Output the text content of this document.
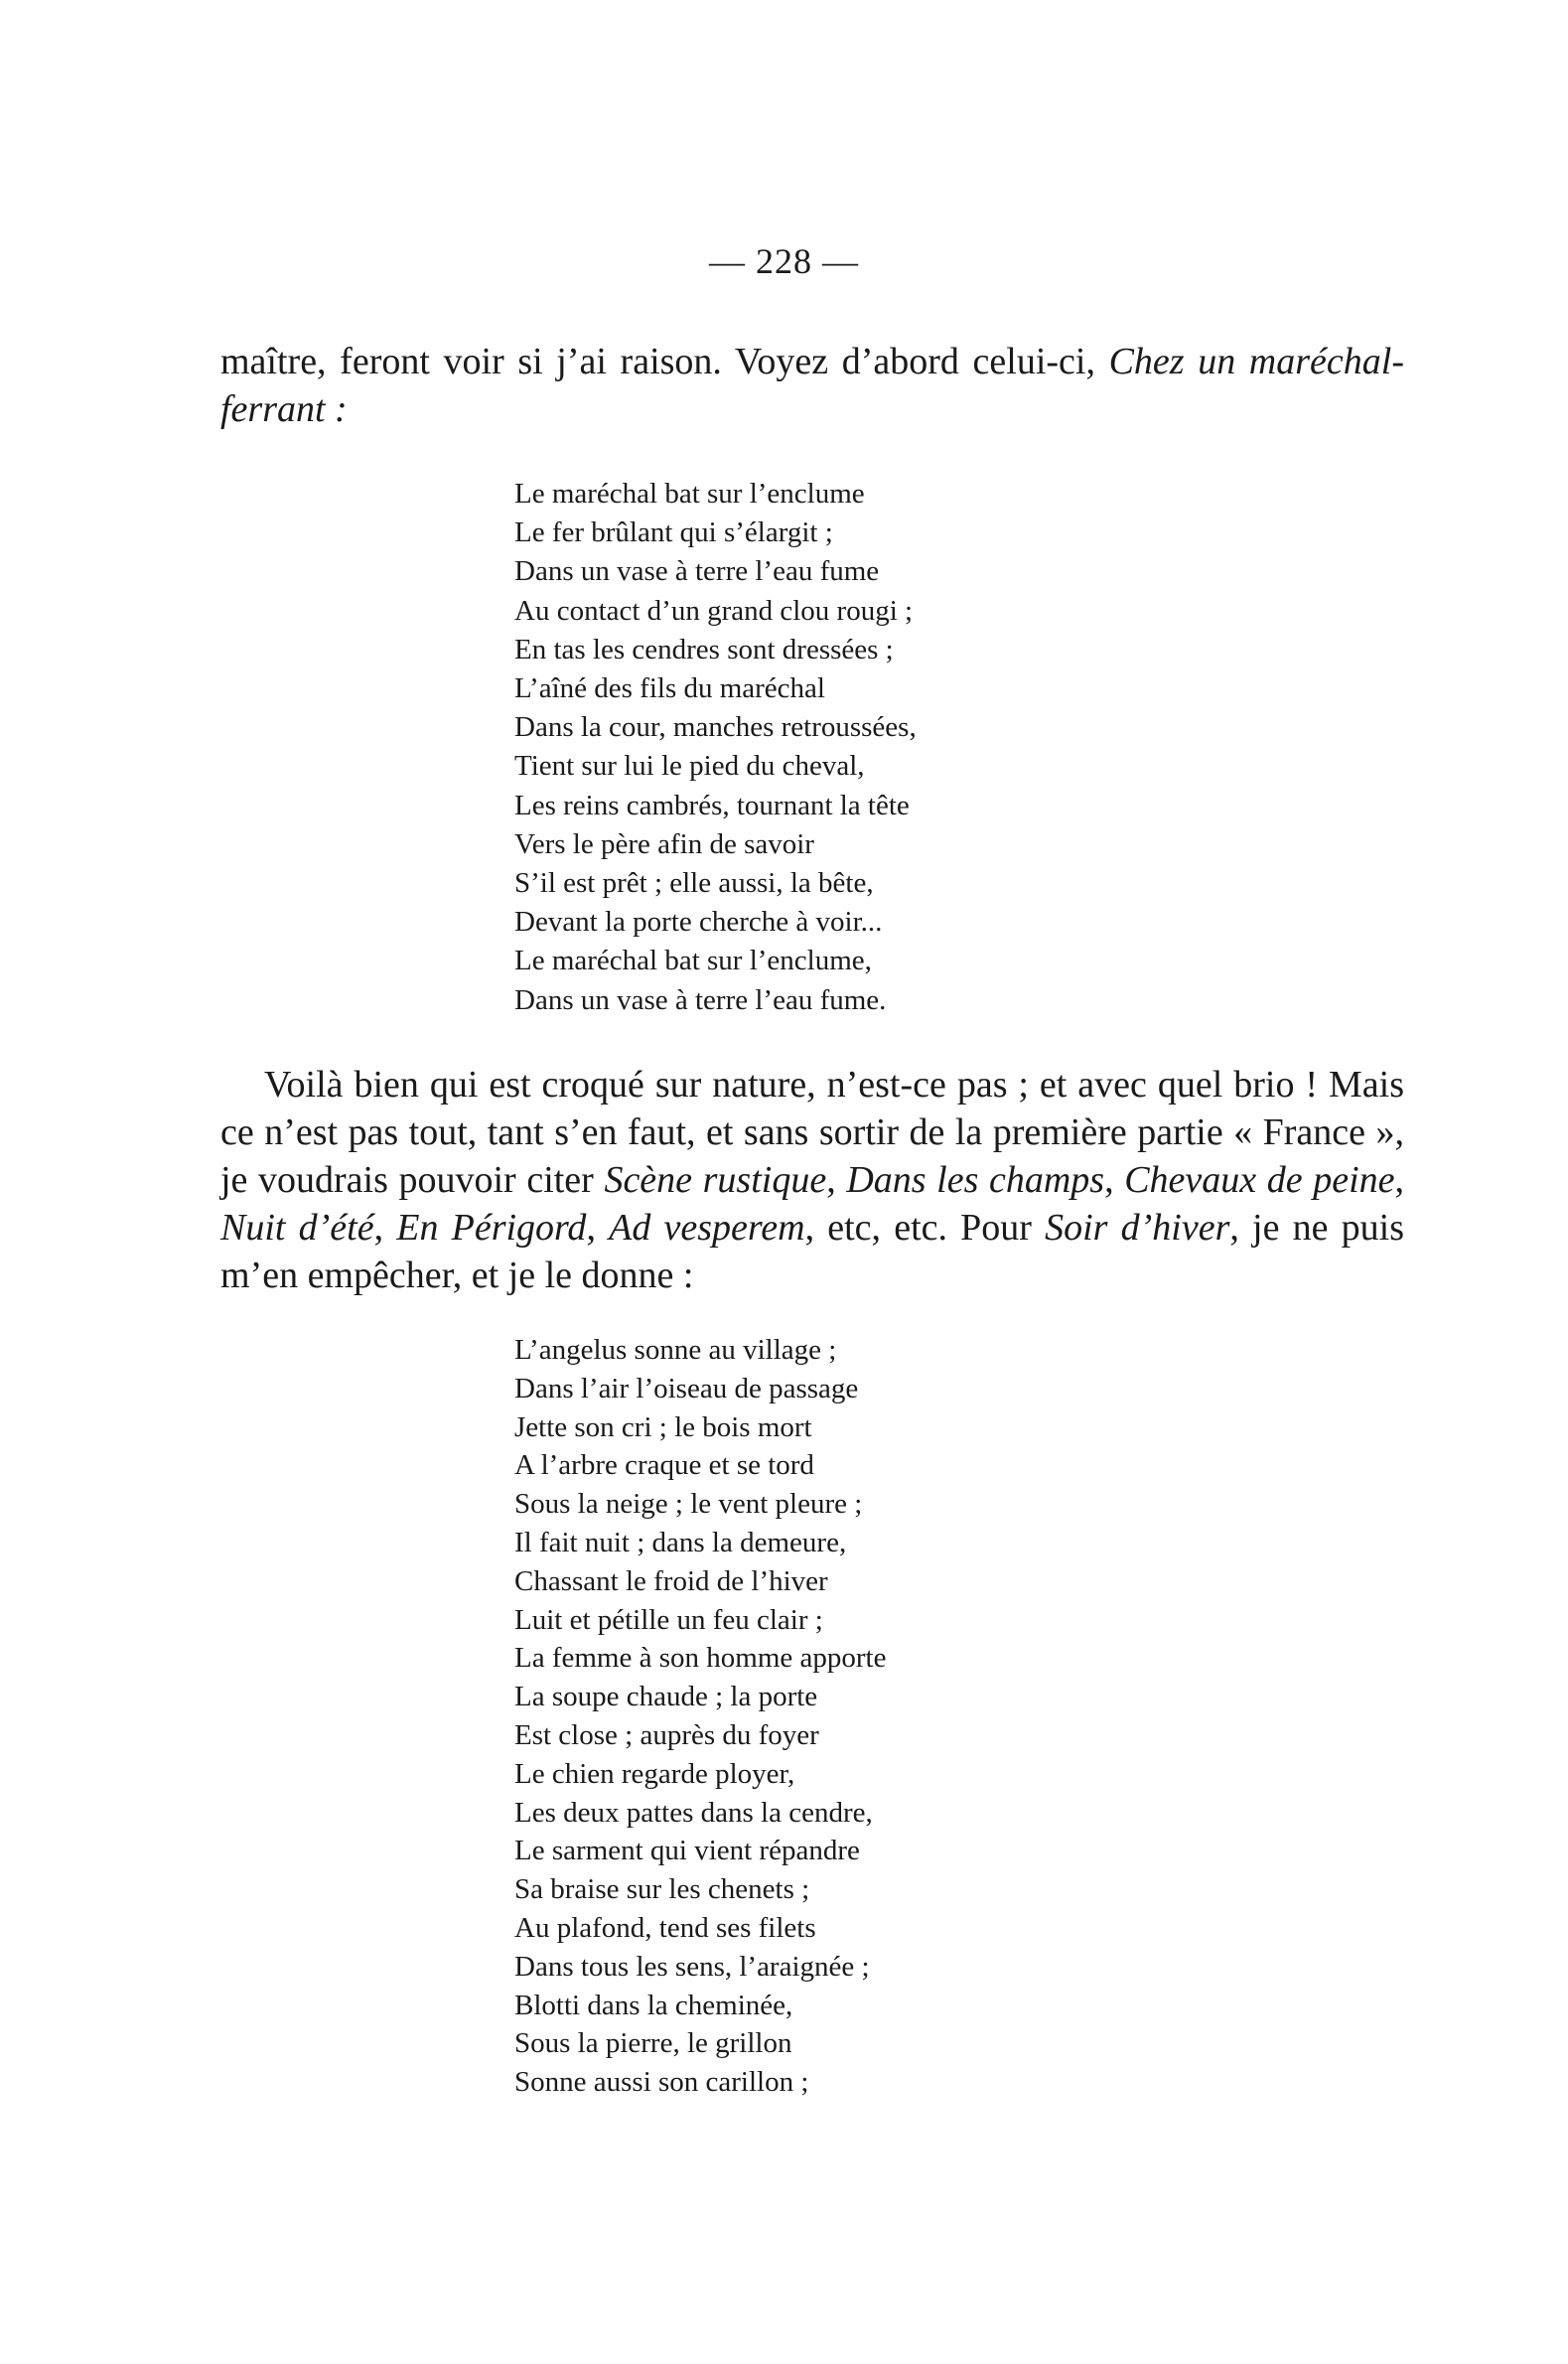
— 228 —

maître, feront voir si j’ai raison. Voyez d’abord celui-ci, Chez un maréchal-ferrant :

Le maréchal bat sur l’enclume
Le fer brûlant qui s’élargit ;
Dans un vase à terre l’eau fume
Au contact d’un grand clou rougi ;
En tas les cendres sont dressées ;
L’aîné des fils du maréchal
Dans la cour, manches retroussées,
Tient sur lui le pied du cheval,
Les reins cambrés, tournant la tête
Vers le père afin de savoir
S’il est prêt ; elle aussi, la bête,
Devant la porte cherche à voir...
Le maréchal bat sur l’enclume,
Dans un vase à terre l’eau fume.

Voilà bien qui est croqué sur nature, n’est-ce pas ; et avec quel brio ! Mais ce n’est pas tout, tant s’en faut, et sans sortir de la première partie « France », je voudrais pouvoir citer Scène rustique, Dans les champs, Chevaux de peine, Nuit d’été, En Périgord, Ad vesperem, etc, etc. Pour Soir d’hiver, je ne puis m’en empêcher, et je le donne :

L’angelus sonne au village ;
Dans l’air l’oiseau de passage
Jette son cri ; le bois mort
A l’arbre craque et se tord
Sous la neige ; le vent pleure ;
Il fait nuit ; dans la demeure,
Chassant le froid de l’hiver
Luit et pétille un feu clair ;
La femme à son homme apporte
La soupe chaude ; la porte
Est close ; auprès du foyer
Le chien regarde ployer,
Les deux pattes dans la cendre,
Le sarment qui vient répandre
Sa braise sur les chenets ;
Au plafond, tend ses filets
Dans tous les sens, l’araignée ;
Blotti dans la cheminée,
Sous la pierre, le grillon
Sonne aussi son carillon ;
